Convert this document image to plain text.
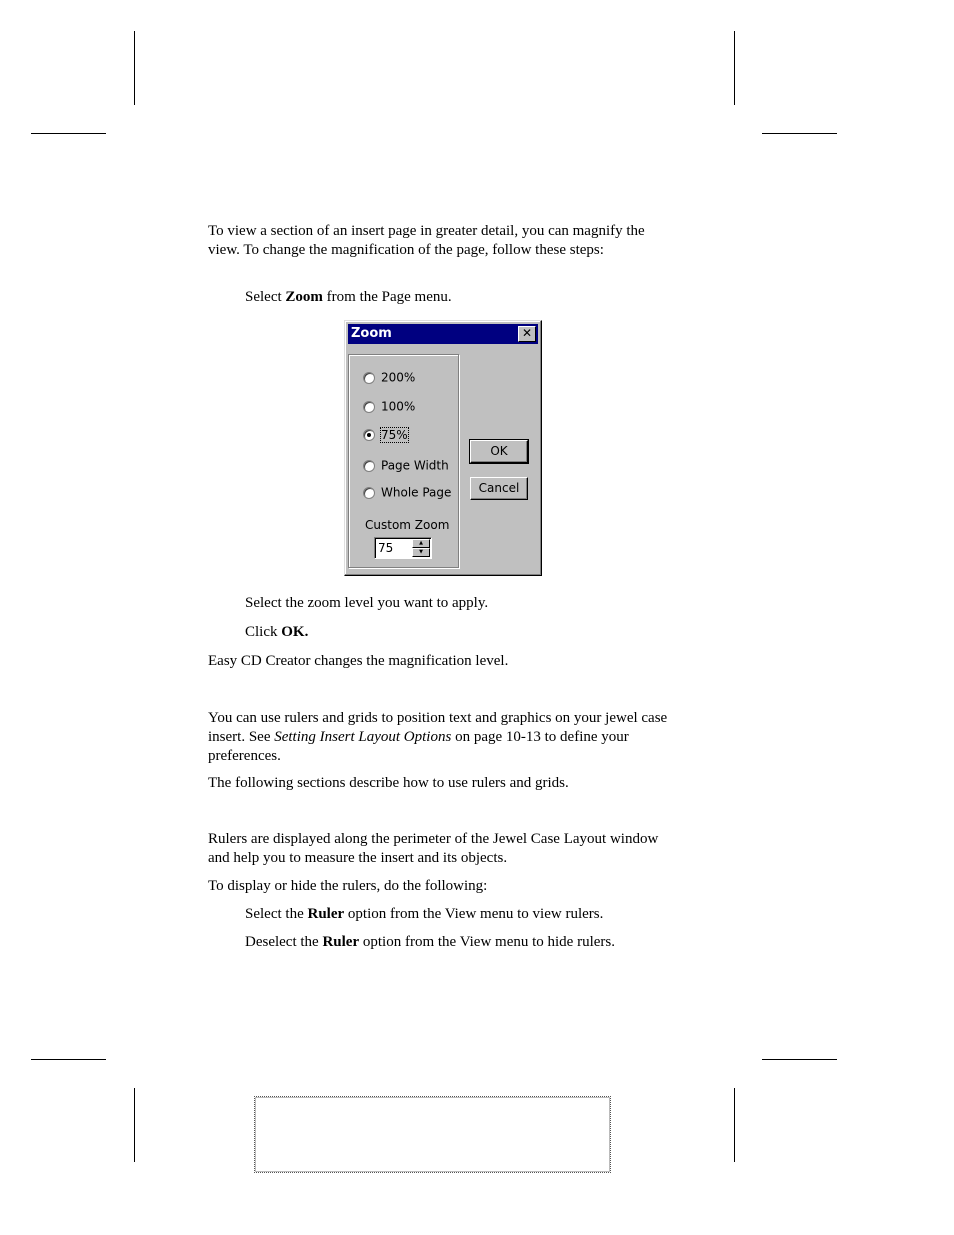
To view a section of an insert page in greater detail, you can magnify the view. To change the magnification of the page, follow these steps:

Select Zoom from the Page menu.

Zoom	✕
200%
100%
75%
Page Width
Whole Page
Custom Zoom
75
▲
▼
OK
Cancel

Select the zoom level you want to apply.

Click OK.

Easy CD Creator changes the magnification level.

You can use rulers and grids to position text and graphics on your jewel case insert. See Setting Insert Layout Options on page 10-13 to define your preferences.

The following sections describe how to use rulers and grids.

Rulers are displayed along the perimeter of the Jewel Case Layout window and help you to measure the insert and its objects.

To display or hide the rulers, do the following:

Select the Ruler option from the View menu to view rulers.

Deselect the Ruler option from the View menu to hide rulers.
